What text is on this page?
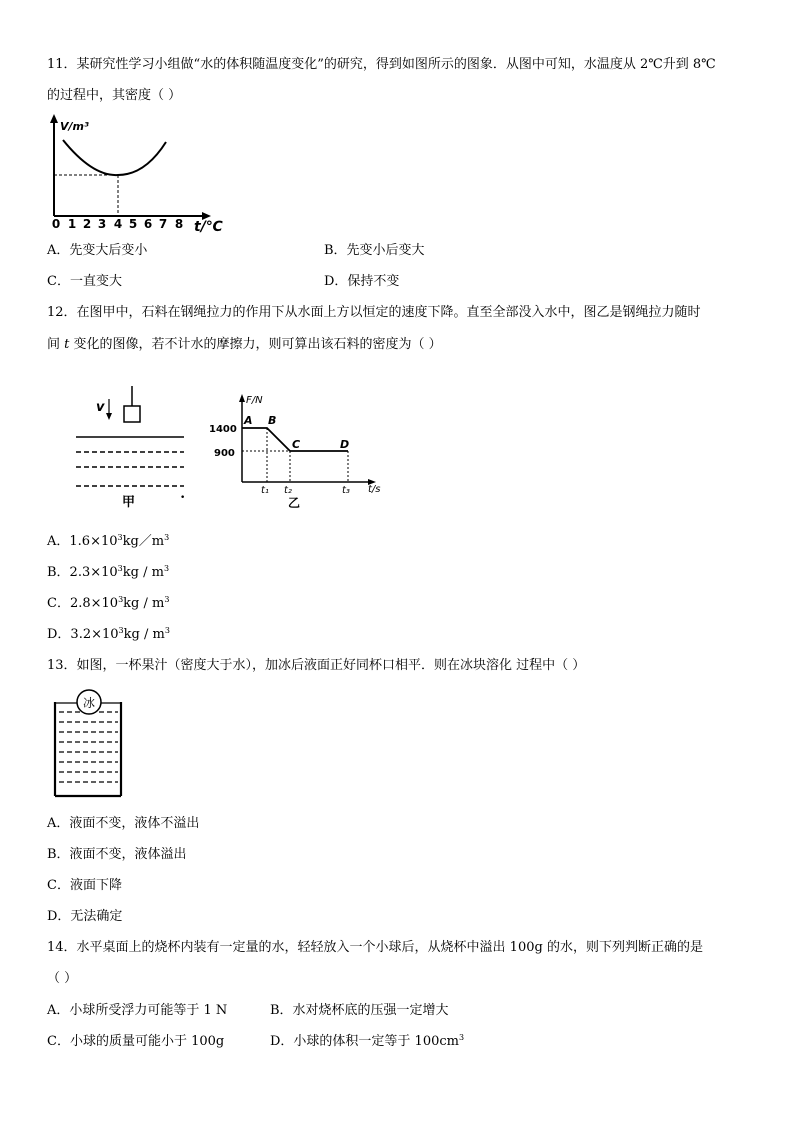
11．某研究性学习小组做“水的体积随温度变化”的研究，得到如图所示的图象．从图中可知，水温度从 2℃升到 8℃
的过程中，其密度（ ）
V/m³
t/℃
0 1 2 3 4 5 6 7 8
A．先变大后变小	B．先变小后变大
C．一直变大	D．保持不变
12．在图甲中，石料在钢绳拉力的作用下从水面上方以恒定的速度下降。直至全部没入水中，图乙是钢绳拉力随时
间 t 变化的图像，若不计水的摩擦力，则可算出该石料的密度为（ ）
v
甲	•
F/N
t/s
1400
900
A B
C	D
t₁ t₂	t₃
乙
A．$1.6\times 10^3kg/m^3$
B．$2.3\times 10^3kg / m^3$
C．$2.8\times 10^3kg / m^3$
D．$3.2\times 10^3kg / m^3$
13．如图，一杯果汁（密度大于水），加冰后液面正好同杯口相平．则在冰块溶化 过程中（ ）
冰
A．液面不变，液体不溢出
B．液面不变，液体溢出
C．液面下降
D．无法确定
14．水平桌面上的烧杯内装有一定量的水，轻轻放入一个小球后，从烧杯中溢出 100g 的水，则下列判断正确的是
（ ）
A．小球所受浮力可能等于 1 N	B．水对烧杯底的压强一定增大
C．小球的质量可能小于 100g	D．小球的体积一定等于 $100cm^3$
